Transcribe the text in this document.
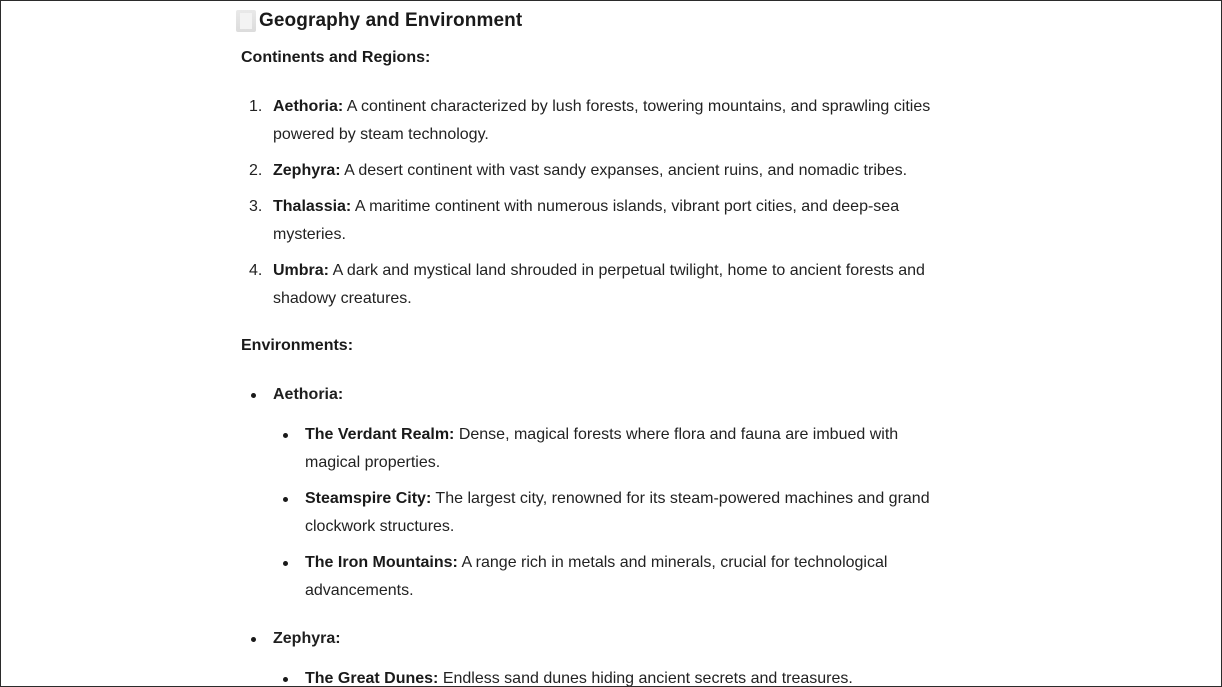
Geography and Environment
Continents and Regions:
1. Aethoria: A continent characterized by lush forests, towering mountains, and sprawling cities powered by steam technology.
2. Zephyra: A desert continent with vast sandy expanses, ancient ruins, and nomadic tribes.
3. Thalassia: A maritime continent with numerous islands, vibrant port cities, and deep-sea mysteries.
4. Umbra: A dark and mystical land shrouded in perpetual twilight, home to ancient forests and shadowy creatures.
Environments:
Aethoria:
The Verdant Realm: Dense, magical forests where flora and fauna are imbued with magical properties.
Steamspire City: The largest city, renowned for its steam-powered machines and grand clockwork structures.
The Iron Mountains: A range rich in metals and minerals, crucial for technological advancements.
Zephyra:
The Great Dunes: Endless sand dunes hiding ancient secrets and treasures.
